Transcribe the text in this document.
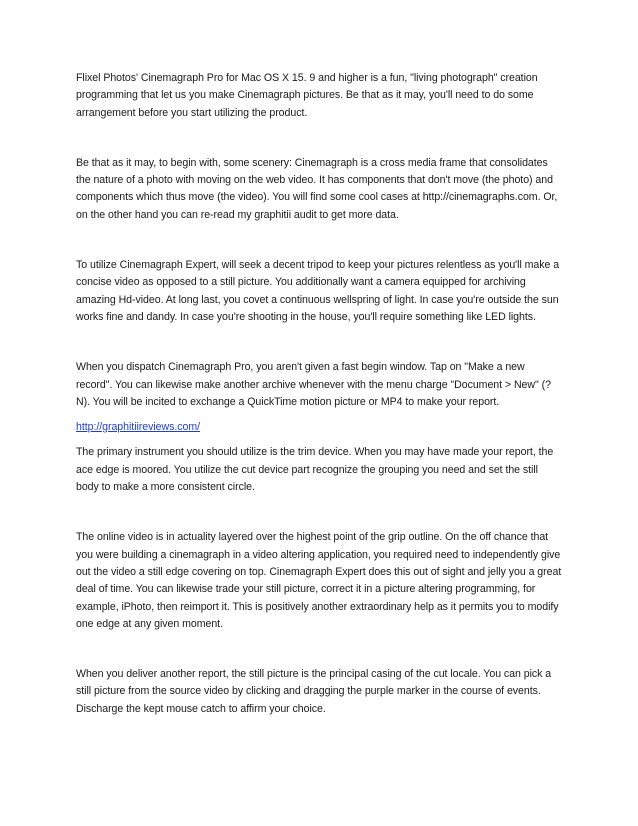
Flixel Photos' Cinemagraph Pro for Mac OS X 15. 9 and higher is a fun, "living photograph" creation programming that let us you make Cinemagraph pictures. Be that as it may, you'll need to do some arrangement before you start utilizing the product.

Be that as it may, to begin with, some scenery: Cinemagraph is a cross media frame that consolidates the nature of a photo with moving on the web video. It has components that don't move (the photo) and components which thus move (the video). You will find some cool cases at http://cinemagraphs.com. Or, on the other hand you can re-read my graphitii audit to get more data.

To utilize Cinemagraph Expert, will seek a decent tripod to keep your pictures relentless as you'll make a concise video as opposed to a still picture. You additionally want a camera equipped for archiving amazing Hd-video. At long last, you covet a continuous wellspring of light. In case you're outside the sun works fine and dandy. In case you're shooting in the house, you'll require something like LED lights.

When you dispatch Cinemagraph Pro, you aren't given a fast begin window. Tap on "Make a new record". You can likewise make another archive whenever with the menu charge "Document > New" (? N). You will be incited to exchange a QuickTime motion picture or MP4 to make your report.

http://graphitiireviews.com/

The primary instrument you should utilize is the trim device. When you may have made your report, the ace edge is moored. You utilize the cut device part recognize the grouping you need and set the still body to make a more consistent circle.

The online video is in actuality layered over the highest point of the grip outline. On the off chance that you were building a cinemagraph in a video altering application, you required need to independently give out the video a still edge covering on top. Cinemagraph Expert does this out of sight and jelly you a great deal of time. You can likewise trade your still picture, correct it in a picture altering programming, for example, iPhoto, then reimport it. This is positively another extraordinary help as it permits you to modify one edge at any given moment.

When you deliver another report, the still picture is the principal casing of the cut locale. You can pick a still picture from the source video by clicking and dragging the purple marker in the course of events. Discharge the kept mouse catch to affirm your choice.
